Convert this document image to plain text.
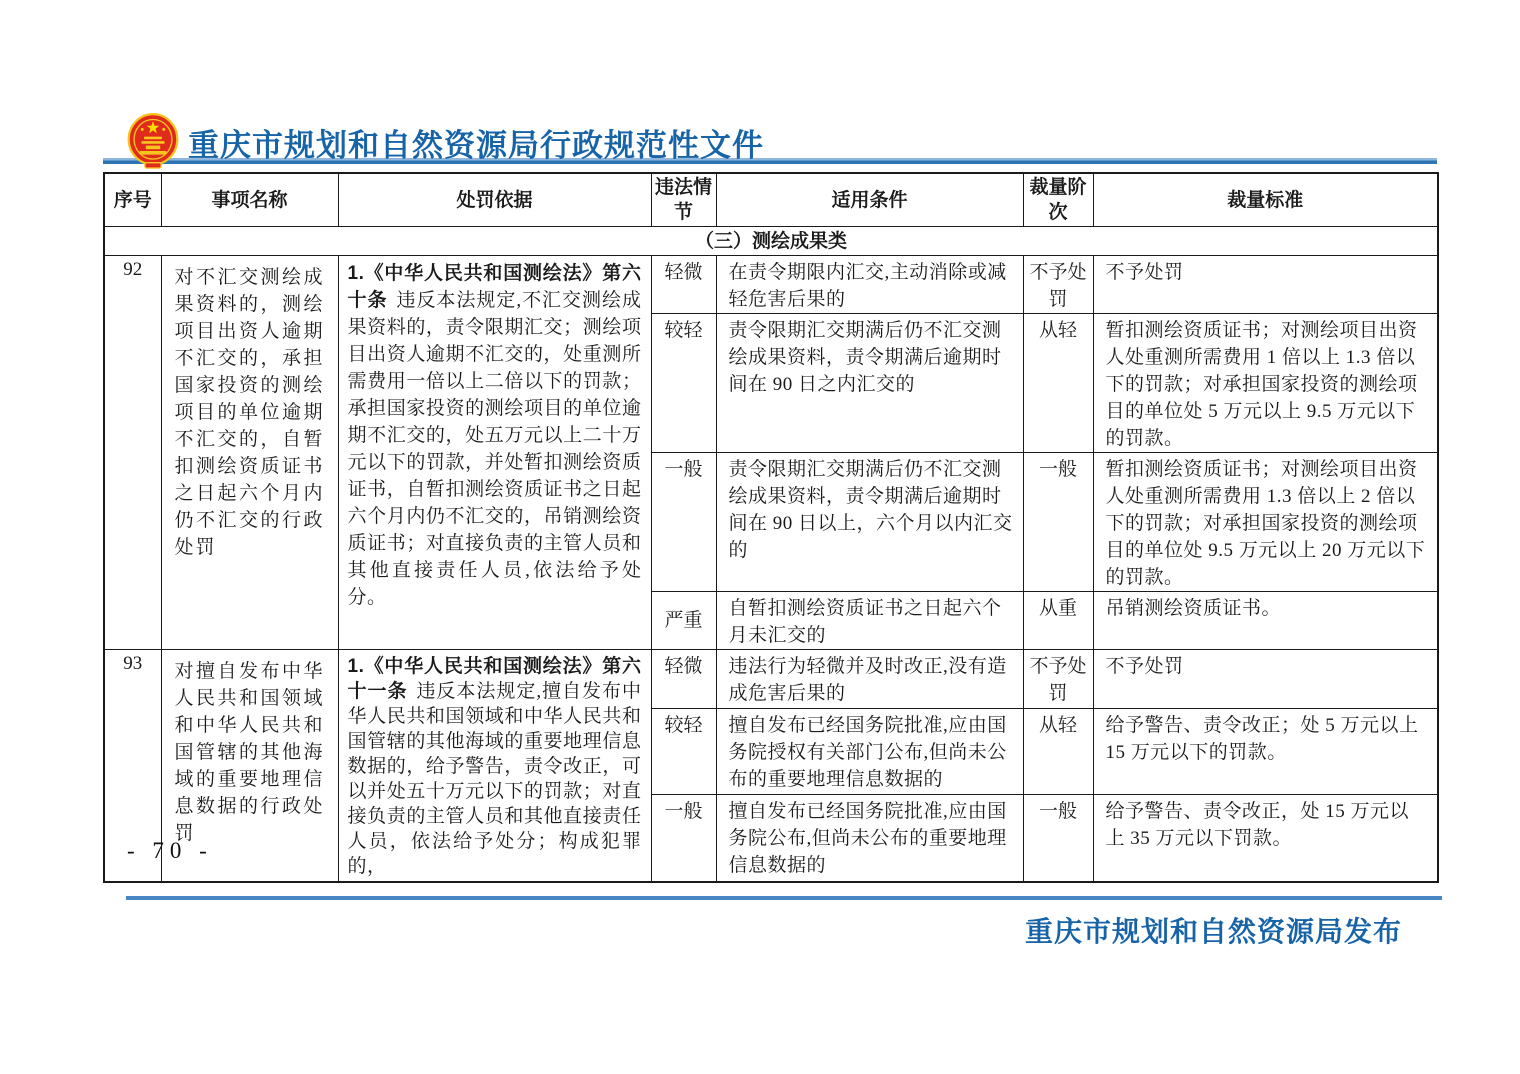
重庆市规划和自然资源局行政规范性文件
序号	事项名称	处罚依据	违法情节	适用条件	裁量阶次	裁量标准
（三）测绘成果类						
92	对不汇交测绘成果资料的，测绘项目出资人逾期不汇交的，承担国家投资的测绘项目的单位逾期不汇交的，自暂扣测绘资质证书之日起六个月内仍不汇交的行政处罚	1.《中华人民共和国测绘法》第六十条 违反本法规定,不汇交测绘成果资料的，责令限期汇交；测绘项目出资人逾期不汇交的，处重测所需费用一倍以上二倍以下的罚款；承担国家投资的测绘项目的单位逾期不汇交的，处五万元以上二十万元以下的罚款，并处暂扣测绘资质证书，自暂扣测绘资质证书之日起六个月内仍不汇交的，吊销测绘资质证书；对直接负责的主管人员和其他直接责任人员,依法给予处分。	轻微	在责令期限内汇交,主动消除或减轻危害后果的	不予处罚	不予处罚
			较轻	责令限期汇交期满后仍不汇交测绘成果资料，责令期满后逾期时间在 90 日之内汇交的	从轻	暂扣测绘资质证书；对测绘项目出资人处重测所需费用 1 倍以上 1.3 倍以下的罚款；对承担国家投资的测绘项目的单位处 5 万元以上 9.5 万元以下的罚款。
			一般	责令限期汇交期满后仍不汇交测绘成果资料，责令期满后逾期时间在 90 日以上，六个月以内汇交的	一般	暂扣测绘资质证书；对测绘项目出资人处重测所需费用 1.3 倍以上 2 倍以下的罚款；对承担国家投资的测绘项目的单位处 9.5 万元以上 20 万元以下的罚款。
			严重	自暂扣测绘资质证书之日起六个月未汇交的	从重	吊销测绘资质证书。
93	对擅自发布中华人民共和国领域和中华人民共和国管辖的其他海域的重要地理信息数据的行政处罚	1.《中华人民共和国测绘法》第六十一条 违反本法规定,擅自发布中华人民共和国领域和中华人民共和国管辖的其他海域的重要地理信息数据的，给予警告，责令改正，可以并处五十万元以下的罚款；对直接负责的主管人员和其他直接责任人员，依法给予处分；构成犯罪的，	轻微	违法行为轻微并及时改正,没有造成危害后果的	不予处罚	不予处罚
			较轻	擅自发布已经国务院批准,应由国务院授权有关部门公布,但尚未公布的重要地理信息数据的	从轻	给予警告、责令改正；处 5 万元以上 15 万元以下的罚款。
			一般	擅自发布已经国务院批准,应由国务院公布,但尚未公布的重要地理信息数据的	一般	给予警告、责令改正，处 15 万元以上 35 万元以下罚款。
- 70 -
重庆市规划和自然资源局发布
